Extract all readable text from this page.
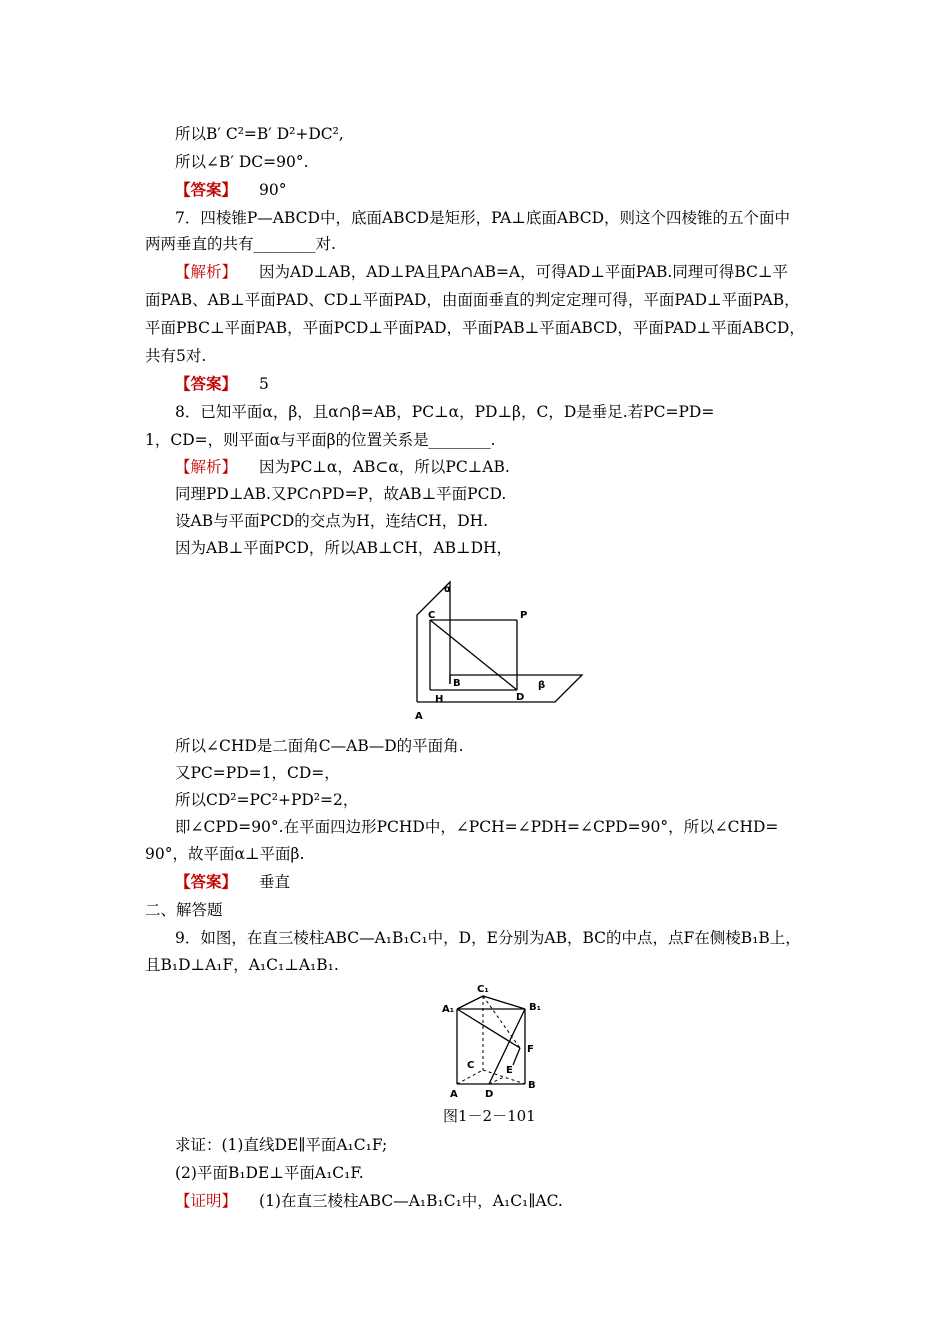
所以B′ C²=B′ D²+DC²,
所以∠B′ DC=90°.
【答案】 90°
7．四棱锥P—ABCD中，底面ABCD是矩形，PA⊥底面ABCD，则这个四棱锥的五个面中
两两垂直的共有________对.
【解析】 因为AD⊥AB，AD⊥PA且PA∩AB=A，可得AD⊥平面PAB.同理可得BC⊥平
面PAB、AB⊥平面PAD、CD⊥平面PAD，由面面垂直的判定定理可得，平面PAD⊥平面PAB，
平面PBC⊥平面PAB，平面PCD⊥平面PAD，平面PAB⊥平面ABCD，平面PAD⊥平面ABCD，
共有5对.
【答案】 5
8．已知平面α，β，且α∩β=AB，PC⊥α，PD⊥β，C，D是垂足.若PC=PD=
1，CD=，则平面α与平面β的位置关系是________.
【解析】 因为PC⊥α，AB⊂α，所以PC⊥AB.
同理PD⊥AB.又PC∩PD=P，故AB⊥平面PCD.
设AB与平面PCD的交点为H，连结CH，DH.
因为AB⊥平面PCD，所以AB⊥CH，AB⊥DH，
α
C	P
B	β
H	D
A
所以∠CHD是二面角C—AB—D的平面角.
又PC=PD=1，CD=，
所以CD²=PC²+PD²=2，
即∠CPD=90°.在平面四边形PCHD中，∠PCH=∠PDH=∠CPD=90°，所以∠CHD=
90°，故平面α⊥平面β.
【答案】 垂直
二、解答题
9．如图，在直三棱柱ABC—A₁B₁C₁中，D，E分别为AB，BC的中点，点F在侧棱B₁B上，
且B₁D⊥A₁F，A₁C₁⊥A₁B₁.
C₁
A₁	B₁
F
C	E
A	D
B
图1－2－101
求证：(1)直线DE∥平面A₁C₁F;
(2)平面B₁DE⊥平面A₁C₁F.
【证明】 (1)在直三棱柱ABC—A₁B₁C₁中，A₁C₁∥AC.
